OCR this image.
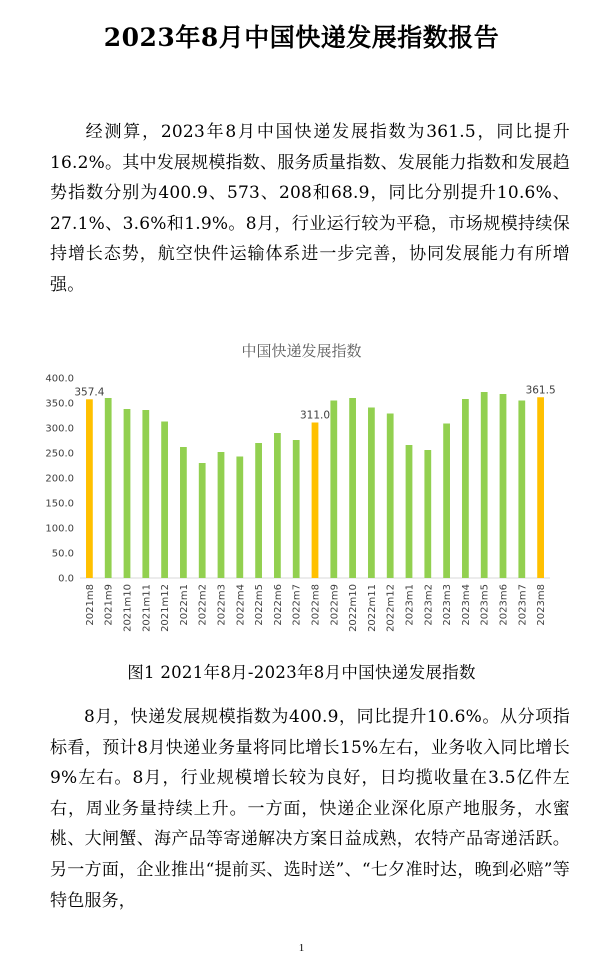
2023年8月中国快递发展指数报告
经测算，2023年8月中国快递发展指数为361.5，同比提升16.2%。其中发展规模指数、服务质量指数、发展能力指数和发展趋势指数分别为400.9、573、208和68.9，同比分别提升10.6%、27.1%、3.6%和1.9%。8月，行业运行较为平稳，市场规模持续保持增长态势，航空快件运输体系进一步完善，协同发展能力有所增强。
中国快递发展指数
0.0
50.0
100.0
150.0
200.0
250.0
300.0
350.0
400.0
2021m8
357.4
2021m9 2021m10 2021m11 2021m12 2022m1 2022m2 2022m3 2022m4 2022m5 2022m6 2022m7 2022m8
311.0
2022m9 2022m10 2022m11 2022m12 2023m1 2023m2 2023m3 2023m4 2023m5 2023m6 2023m7 2023m8
361.5
图1 2021年8月-2023年8月中国快递发展指数
8月，快递发展规模指数为400.9，同比提升10.6%。从分项指标看，预计8月快递业务量将同比增长15%左右，业务收入同比增长9%左右。8月，行业规模增长较为良好，日均揽收量在3.5亿件左右，周业务量持续上升。一方面，快递企业深化原产地服务，水蜜桃、大闸蟹、海产品等寄递解决方案日益成熟，农特产品寄递活跃。另一方面，企业推出“提前买、选时送”、“七夕准时达，晚到必赔”等特色服务，
1
